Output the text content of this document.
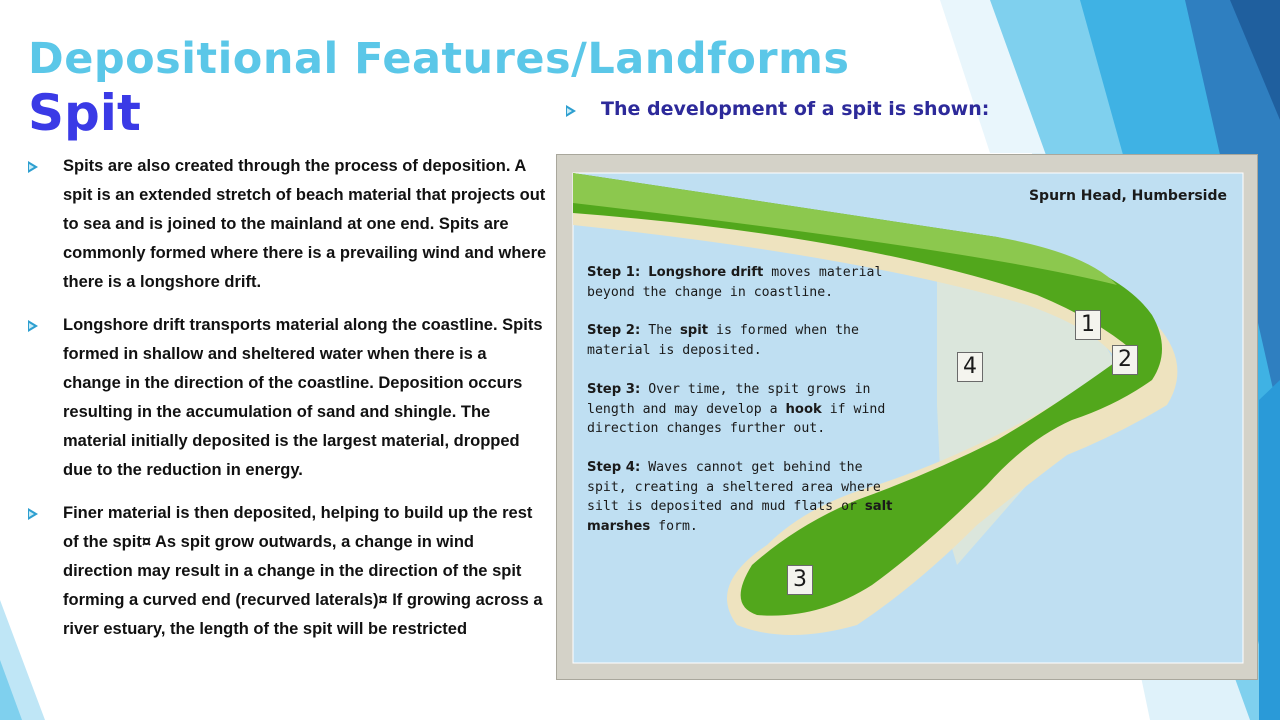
Depositional Features/Landforms
Spit
Spits are also created through the process of deposition. A spit is an extended stretch of beach material that projects out to sea and is joined to the mainland at one end. Spits are commonly formed where there is a prevailing wind and where there is a longshore drift.
Longshore drift transports material along the coastline. Spits formed in shallow and sheltered water when there is a change in the direction of the coastline. Deposition occurs resulting in the accumulation of sand and shingle. The material initially deposited is the largest material, dropped due to the reduction in energy.
Finer material is then deposited, helping to build up the rest of the spit¤ As spit grow outwards, a change in wind direction may result in a change in the direction of the spit forming a curved end (recurved laterals)¤ If growing across a river estuary, the length of the spit will be restricted
The development of a spit is shown:
Spurn Head, Humberside
Step 1: Longshore drift moves material beyond the change in coastline.
Step 2: The spit is formed when the material is deposited.
Step 3: Over time, the spit grows in length and may develop a hook if wind direction changes further out.
Step 4: Waves cannot get behind the spit, creating a sheltered area where silt is deposited and mud flats or salt marshes form.
1
2
3
4
